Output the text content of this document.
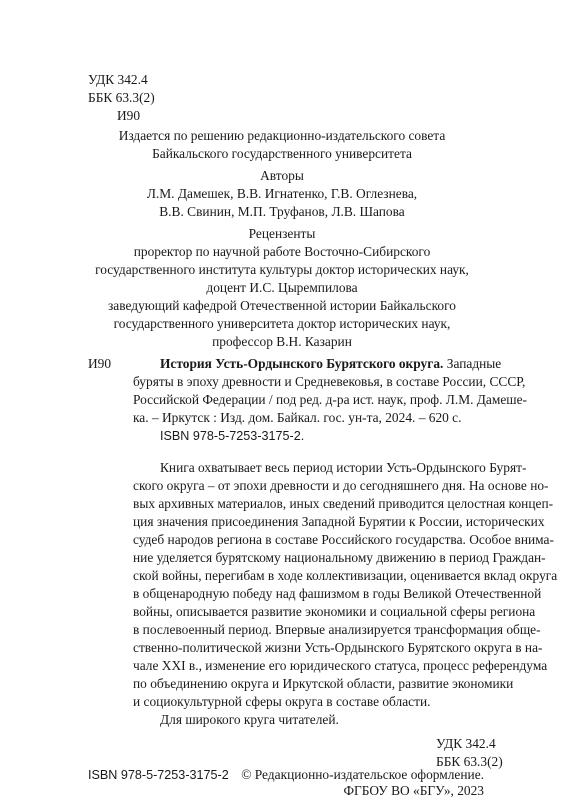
УДК 342.4
ББК 63.3(2)
И90
Издается по решению редакционно-издательского совета
Байкальского государственного университета
Авторы
Л.М. Дамешек, В.В. Игнатенко, Г.В. Оглезнева,
В.В. Свинин, М.П. Труфанов, Л.В. Шапова
Рецензенты
проректор по научной работе Восточно-Сибирского
государственного института культуры доктор исторических наук,
доцент И.С. Цыремпилова
заведующий кафедрой Отечественной истории Байкальского
государственного университета доктор исторических наук,
профессор В.Н. Казарин
И90	История Усть-Ордынского Бурятского округа. Западные
буряты в эпоху древности и Средневековья, в составе России, СССР,
Российской Федерации / под ред. д-ра ист. наук, проф. Л.М. Дамеше-
ка. – Иркутск : Изд. дом. Байкал. гос. ун-та, 2024. – 620 с.
ISBN 978-5-7253-3175-2.
Книга охватывает весь период истории Усть-Ордынского Бурят-
ского округа – от эпохи древности и до сегодняшнего дня. На основе но-
вых архивных материалов, иных сведений приводится целостная концеп-
ция значения присоединения Западной Бурятии к России, исторических
судеб народов региона в составе Российского государства. Особое внима-
ние уделяется бурятскому национальному движению в период Граждан-
ской войны, перегибам в ходе коллективизации, оценивается вклад округа
в общенародную победу над фашизмом в годы Великой Отечественной
войны, описывается развитие экономики и социальной сферы региона
в послевоенный период. Впервые анализируется трансформация обще-
ственно-политической жизни Усть-Ордынского Бурятского округа в на-
чале XXI в., изменение его юридического статуса, процесс референдума
по объединению округа и Иркутской области, развитие экономики
и социокультурной сферы округа в составе области.
Для широкого круга читателей.
УДК 342.4
ББК 63.3(2)
ISBN 978-5-7253-3175-2 © Редакционно-издательское оформление.
ФГБОУ ВО «БГУ», 2023
